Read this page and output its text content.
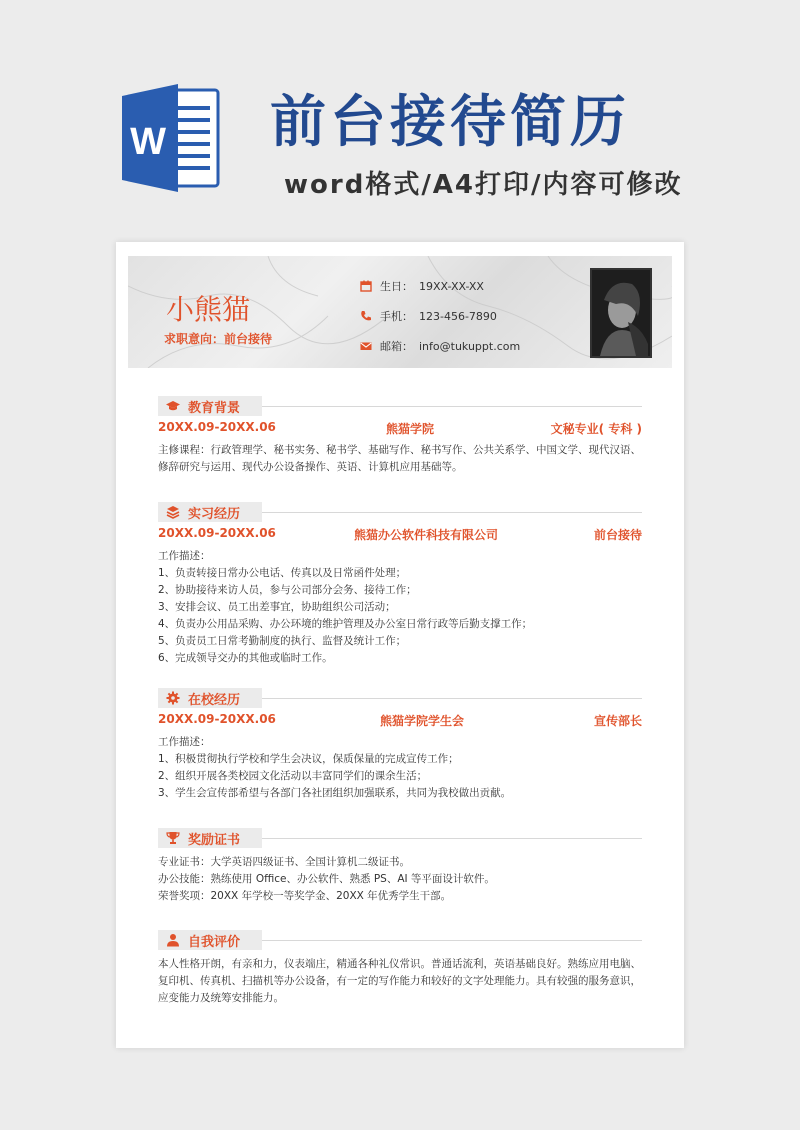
W 前台接待简历
word格式/A4打印/内容可修改
小熊猫
求职意向：前台接待
生日： 19XX-XX-XX
手机： 123-456-7890
邮箱： info@tukuppt.com
教育背景
20XX.09-20XX.06	熊猫学院	文秘专业( 专科 )

主修课程：行政管理学、秘书实务、秘书学、基础写作、秘书写作、公共关系学、中国文学、现代汉语、修辞研究与运用、现代办公设备操作、英语、计算机应用基础等。

实习经历
20XX.09-20XX.06	熊猫办公软件科技有限公司	前台接待

工作描述：

1、负责转接日常办公电话、传真以及日常函件处理；

2、协助接待来访人员，参与公司部分会务、接待工作；

3、安排会议、员工出差事宜，协助组织公司活动；

4、负责办公用品采购、办公环境的维护管理及办公室日常行政等后勤支撑工作；

5、负责员工日常考勤制度的执行、监督及统计工作；

6、完成领导交办的其他或临时工作。

在校经历
20XX.09-20XX.06	熊猫学院学生会	宣传部长

工作描述：

1、积极贯彻执行学校和学生会决议，保质保量的完成宣传工作；

2、组织开展各类校园文化活动以丰富同学们的课余生活；

3、学生会宣传部希望与各部门各社团组织加强联系，共同为我校做出贡献。

奖励证书

专业证书：大学英语四级证书、全国计算机二级证书。

办公技能：熟练使用 Office、办公软件、熟悉 PS、AI 等平面设计软件。

荣誉奖项：20XX 年学校一等奖学金、20XX 年优秀学生干部。

自我评价

本人性格开朗，有亲和力，仪表端庄，精通各种礼仪常识。普通话流利，英语基础良好。熟练应用电脑、复印机、传真机、扫描机等办公设备，有一定的写作能力和较好的文字处理能力。具有较强的服务意识，应变能力及统筹安排能力。
